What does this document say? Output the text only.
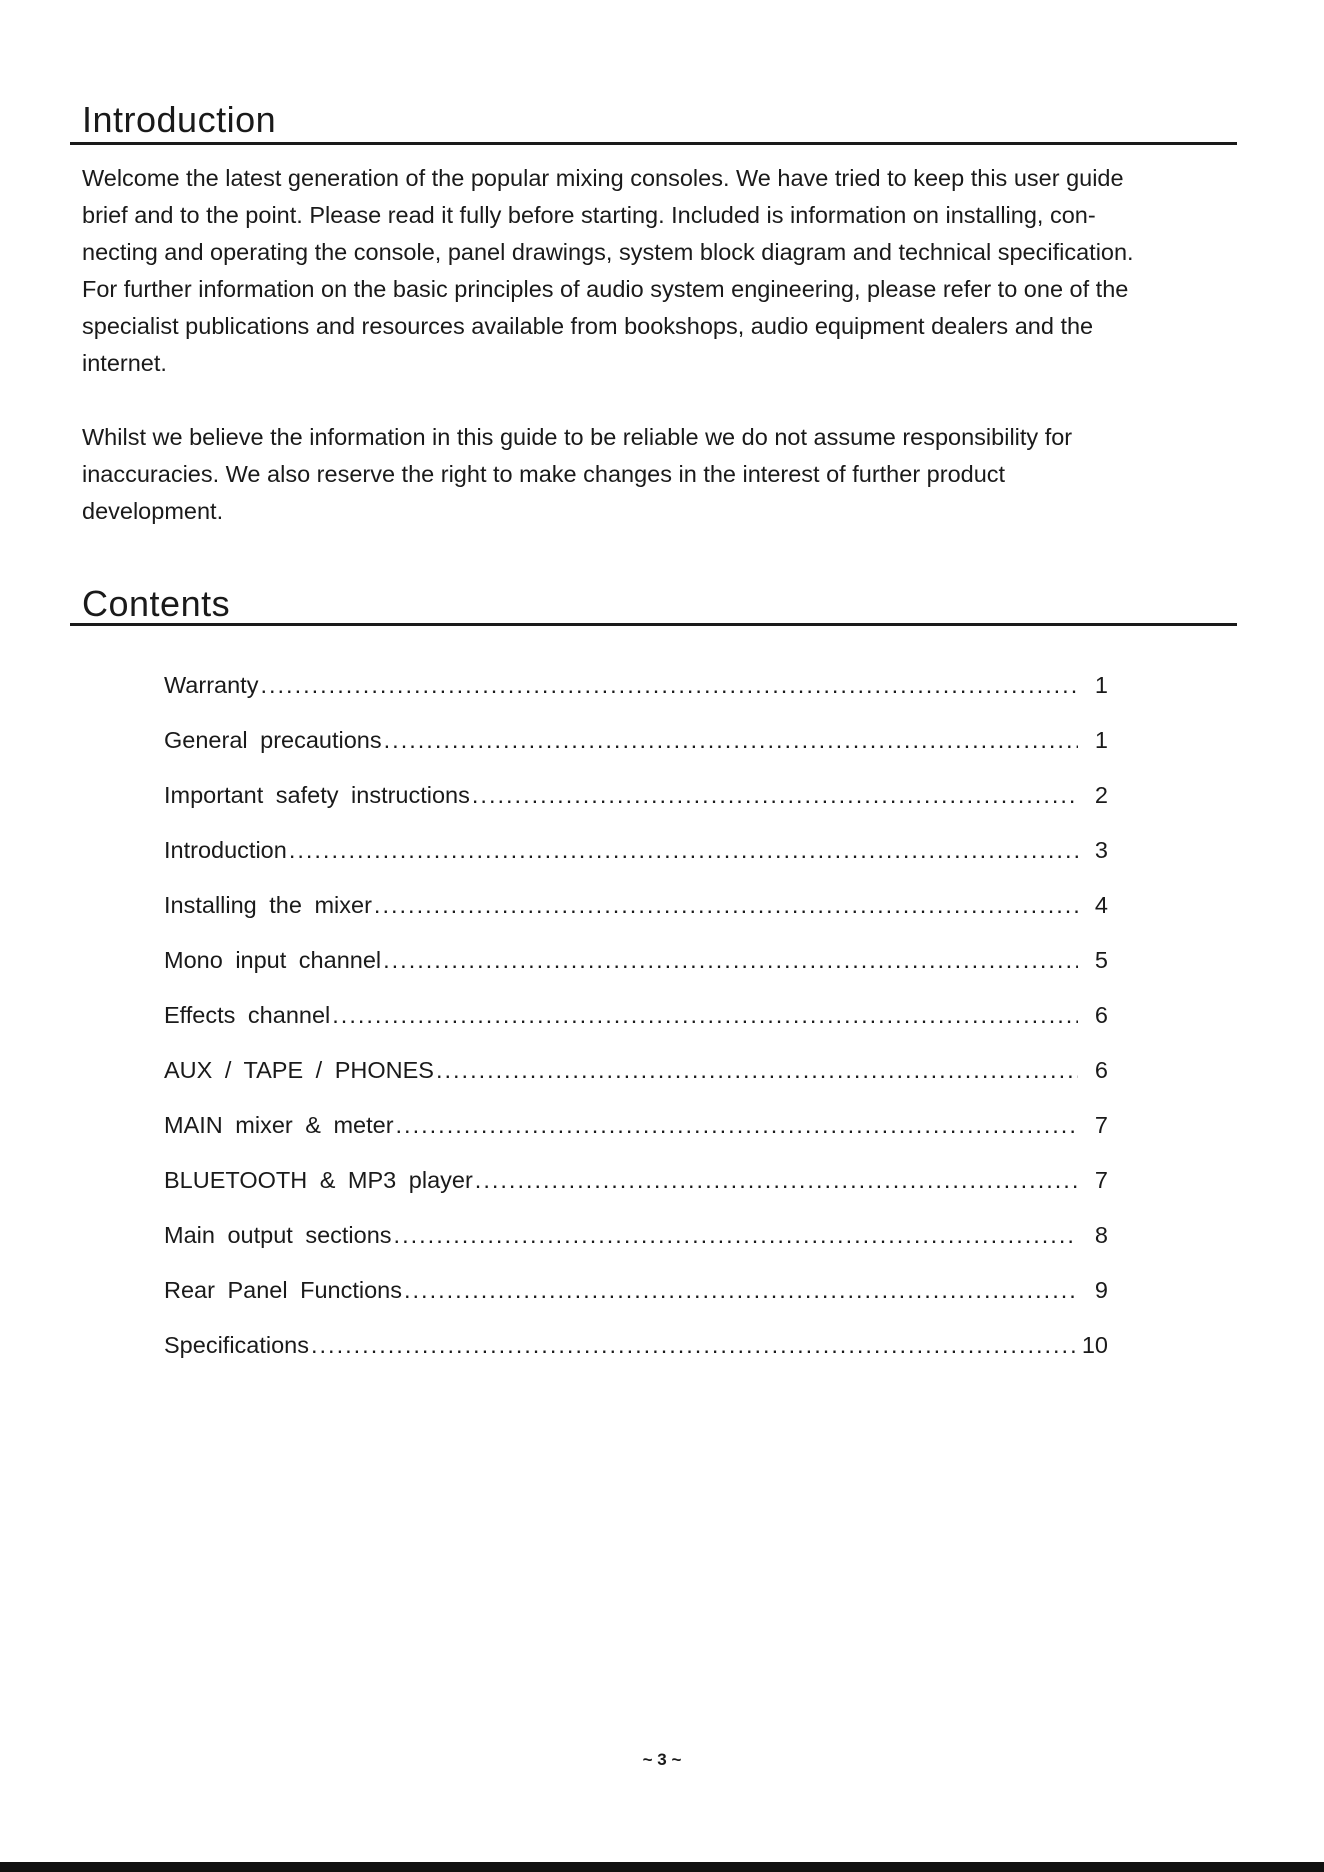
Introduction

Welcome the latest generation of the popular mixing consoles. We have tried to keep this user guide
brief and to the point. Please read it fully before starting. Included is information on installing, con-
necting and operating the console, panel drawings, system block diagram and technical specification.
For further information on the basic principles of audio system engineering, please refer to one of the
specialist publications and resources available from bookshops, audio equipment dealers and the
internet.

Whilst we believe the information in this guide to be reliable we do not assume responsibility for
inaccuracies. We also reserve the right to make changes in the interest of further product
development.

Contents
Warranty .....	1
General precautions .....	1
Important safety instructions .....	2
Introduction .....	3
Installing the mixer .....	4
Mono input channel .....	5
Effects channel .....	6
AUX / TAPE / PHONES .....	6
MAIN mixer & meter .....	7
BLUETOOTH & MP3 player .....	7
Main output sections .....	8
Rear Panel Functions .....	9
Specifications .....	10
~ 3 ~
